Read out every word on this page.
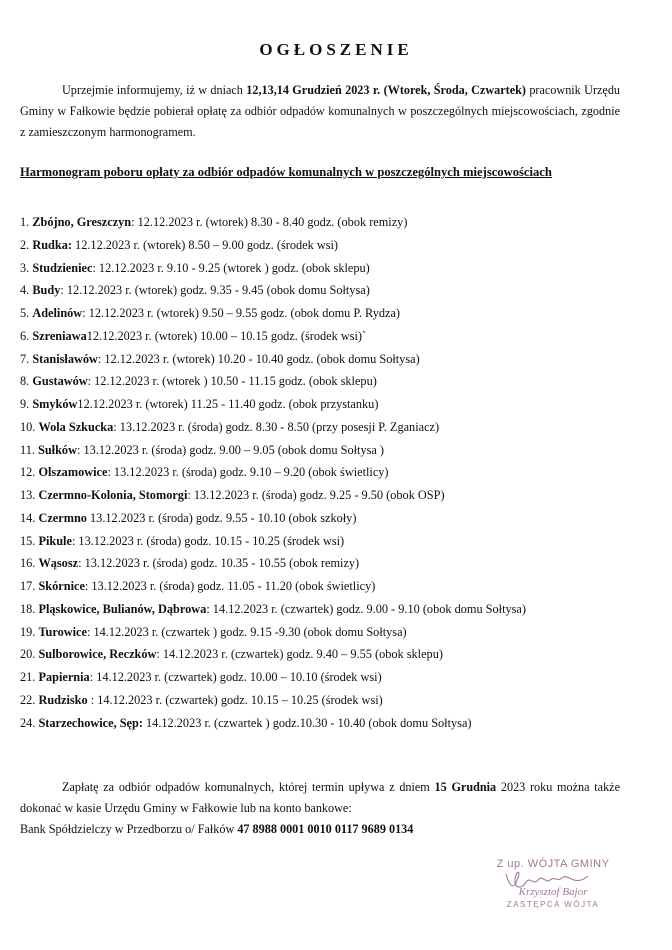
OGŁOSZENIE
Uprzejmie informujemy, iż w dniach 12,13,14 Grudzień 2023 r. (Wtorek, Środa, Czwartek) pracownik Urzędu Gminy w Fałkowie będzie pobierał opłatę za odbiór odpadów komunalnych w poszczególnych miejscowościach, zgodnie z zamieszczonym harmonogramem.
Harmonogram poboru opłaty za odbiór odpadów komunalnych w poszczególnych miejscowościach
1. Zbójno, Greszczyn: 12.12.2023 r. (wtorek) 8.30 - 8.40 godz. (obok remizy)
2. Rudka: 12.12.2023 r. (wtorek) 8.50 – 9.00 godz. (środek wsi)
3. Studzieniec: 12.12.2023 r. 9.10 - 9.25 (wtorek ) godz. (obok sklepu)
4. Budy: 12.12.2023 r. (wtorek) godz. 9.35 - 9.45 (obok domu Sołtysa)
5. Adelinów: 12.12.2023 r. (wtorek) 9.50 – 9.55 godz. (obok domu P. Rydza)
6. Szreniawa12.12.2023 r. (wtorek) 10.00 – 10.15 godz. (środek wsi)`
7. Stanisławów: 12.12.2023 r. (wtorek) 10.20 - 10.40 godz. (obok domu Sołtysa)
8. Gustawów: 12.12.2023 r. (wtorek ) 10.50 - 11.15 godz. (obok sklepu)
9. Smyków12.12.2023 r. (wtorek) 11.25 - 11.40 godz. (obok przystanku)
10. Wola Szkucka: 13.12.2023 r. (środa) godz. 8.30 - 8.50 (przy posesji P. Zganiacz)
11. Sułków: 13.12.2023 r. (środa) godz. 9.00 – 9.05 (obok domu Sołtysa )
12. Olszamowice: 13.12.2023 r. (środa) godz. 9.10 – 9.20 (obok świetlicy)
13. Czermno-Kolonia, Stomorgi: 13.12.2023 r. (środa) godz. 9.25 - 9.50 (obok OSP)
14. Czermno 13.12.2023 r. (środa) godz. 9.55 - 10.10 (obok szkoły)
15. Pikule: 13.12.2023 r. (środa) godz. 10.15 - 10.25 (środek wsi)
16. Wąsosz: 13.12.2023 r. (środa) godz. 10.35 - 10.55 (obok remizy)
17. Skórnice: 13.12.2023 r. (środa) godz. 11.05 - 11.20 (obok świetlicy)
18. Pląskowice, Bulianów, Dąbrowa: 14.12.2023 r. (czwartek) godz. 9.00 - 9.10 (obok domu Sołtysa)
19. Turowice: 14.12.2023 r. (czwartek ) godz. 9.15 -9.30 (obok domu Sołtysa)
20. Sulborowice, Reczków: 14.12.2023 r. (czwartek) godz. 9.40 – 9.55 (obok sklepu)
21. Papiernia: 14.12.2023 r. (czwartek) godz. 10.00 – 10.10 (środek wsi)
22. Rudzisko : 14.12.2023 r. (czwartek) godz. 10.15 – 10.25 (środek wsi)
24. Starzechowice, Sęp: 14.12.2023 r. (czwartek ) godz.10.30 - 10.40 (obok domu Sołtysa)
Zapłatę za odbiór odpadów komunalnych, której termin upływa z dniem 15 Grudnia 2023 roku można także dokonać w kasie Urzędu Gminy w Fałkowie lub na konto bankowe:
Bank Spółdzielczy w Przedborzu o/ Fałków 47 8988 0001 0010 0117 9689 0134
Z up. WÓJTA GMINY
Krzysztof Bajor
ZASTĘPCA WÓJTA
